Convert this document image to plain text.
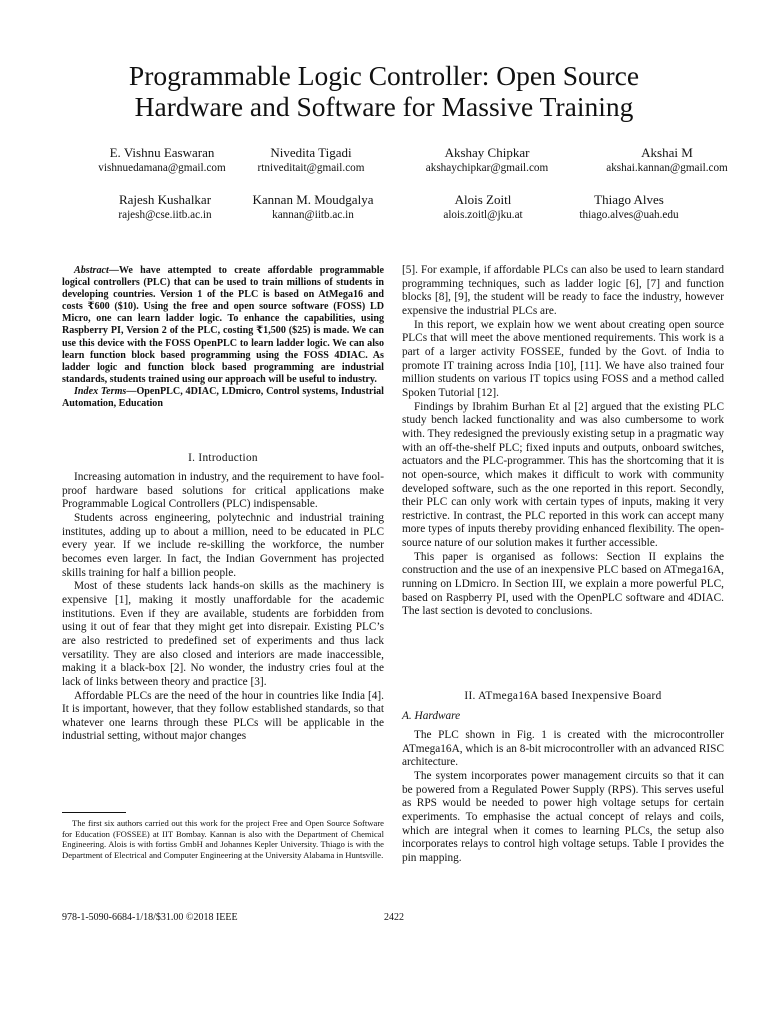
Programmable Logic Controller: Open Source
Hardware and Software for Massive Training
E. Vishnu Easwaran
vishnuedamana@gmail.com
Nivedita Tigadi
rtniveditait@gmail.com
Akshay Chipkar
akshaychipkar@gmail.com
Akshai M
akshai.kannan@gmail.com
Rajesh Kushalkar
rajesh@cse.iitb.ac.in
Kannan M. Moudgalya
kannan@iitb.ac.in
Alois Zoitl
alois.zoitl@jku.at
Thiago Alves
thiago.alves@uah.edu

Abstract—We have attempted to create affordable programmable logical controllers (PLC) that can be used to train millions of students in developing countries. Version 1 of the PLC is based on AtMega16 and costs ₹600 ($10). Using the free and open source software (FOSS) LD Micro, one can learn ladder logic. To enhance the capabilities, using Raspberry PI, Version 2 of the PLC, costing ₹1,500 ($25) is made. We can use this device with the FOSS OpenPLC to learn ladder logic. We can also learn function block based programming using the FOSS 4DIAC. As ladder logic and function block based programming are industrial standards, students trained using our approach will be useful to industry.

Index Terms—OpenPLC, 4DIAC, LDmicro, Control systems, Industrial Automation, Education

I. Introduction

Increasing automation in industry, and the requirement to have fool-proof hardware based solutions for critical applications make Programmable Logical Controllers (PLC) indispensable.

Students across engineering, polytechnic and industrial training institutes, adding up to about a million, need to be educated in PLC every year. If we include re-skilling the workforce, the number becomes even larger. In fact, the Indian Government has projected skills training for half a billion people.

Most of these students lack hands-on skills as the machinery is expensive [1], making it mostly unaffordable for the academic institutions. Even if they are available, students are forbidden from using it out of fear that they might get into disrepair. Existing PLC’s are also restricted to predefined set of experiments and thus lack versatility. They are also closed and interiors are made inaccessible, making it a black-box [2]. No wonder, the industry cries foul at the lack of links between theory and practice [3].

Affordable PLCs are the need of the hour in countries like India [4]. It is important, however, that they follow established standards, so that whatever one learns through these PLCs will be applicable in the industrial setting, without major changes

The first six authors carried out this work for the project Free and Open Source Software for Education (FOSSEE) at IIT Bombay. Kannan is also with the Department of Chemical Engineering. Alois is with fortiss GmbH and Johannes Kepler University. Thiago is with the Department of Electrical and Computer Engineering at the University Alabama in Huntsville.

[5]. For example, if affordable PLCs can also be used to learn standard programming techniques, such as ladder logic [6], [7] and function blocks [8], [9], the student will be ready to face the industry, however expensive the industrial PLCs are.

In this report, we explain how we went about creating open source PLCs that will meet the above mentioned requirements. This work is a part of a larger activity FOSSEE, funded by the Govt. of India to promote IT training across India [10], [11]. We have also trained four million students on various IT topics using FOSS and a method called Spoken Tutorial [12].

Findings by Ibrahim Burhan Et al [2] argued that the existing PLC study bench lacked functionality and was also cumbersome to work with. They redesigned the previously existing setup in a pragmatic way with an off-the-shelf PLC; fixed inputs and outputs, onboard switches, actuators and the PLC-programmer. This has the shortcoming that it is not open-source, which makes it difficult to work with community developed software, such as the one reported in this report. Secondly, their PLC can only work with certain types of inputs, making it very restrictive. In contrast, the PLC reported in this work can accept many more types of inputs thereby providing enhanced flexibility. The open-source nature of our solution makes it further accessible.

This paper is organised as follows: Section II explains the construction and the use of an inexpensive PLC based on ATmega16A, running on LDmicro. In Section III, we explain a more powerful PLC, based on Raspberry PI, used with the OpenPLC software and 4DIAC. The last section is devoted to conclusions.

II. ATmega16A based Inexpensive Board
A. Hardware

The PLC shown in Fig. 1 is created with the microcontroller ATmega16A, which is an 8-bit microcontroller with an advanced RISC architecture.

The system incorporates power management circuits so that it can be powered from a Regulated Power Supply (RPS). This serves useful as RPS would be needed to power high voltage setups for certain experiments. To emphasise the actual concept of relays and coils, which are integral when it comes to learning PLCs, the setup also incorporates relays to control high voltage setups. Table I provides the pin mapping.

978-1-5090-6684-1/18/$31.00 ©2018 IEEE	2422
